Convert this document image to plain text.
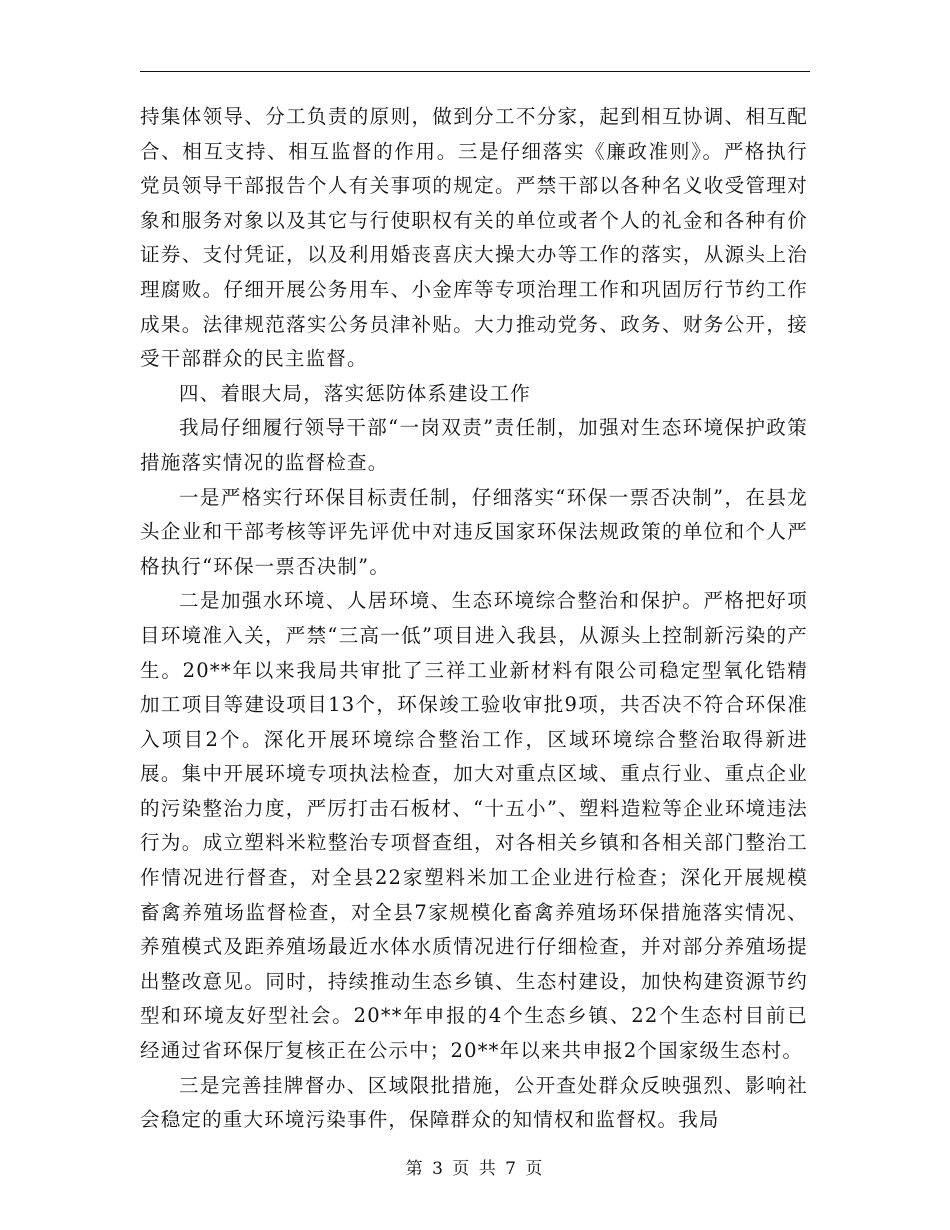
持集体领导、分工负责的原则，做到分工不分家，起到相互协调、相互配合、相互支持、相互监督的作用。三是仔细落实《廉政准则》。严格执行党员领导干部报告个人有关事项的规定。严禁干部以各种名义收受管理对象和服务对象以及其它与行使职权有关的单位或者个人的礼金和各种有价证券、支付凭证，以及利用婚丧喜庆大操大办等工作的落实，从源头上治理腐败。仔细开展公务用车、小金库等专项治理工作和巩固厉行节约工作成果。法律规范落实公务员津补贴。大力推动党务、政务、财务公开，接受干部群众的民主监督。

四、着眼大局，落实惩防体系建设工作

我局仔细履行领导干部“一岗双责”责任制，加强对生态环境保护政策措施落实情况的监督检查。

一是严格实行环保目标责任制，仔细落实“环保一票否决制”，在县龙头企业和干部考核等评先评优中对违反国家环保法规政策的单位和个人严格执行“环保一票否决制”。

二是加强水环境、人居环境、生态环境综合整治和保护。严格把好项目环境准入关，严禁“三高一低”项目进入我县，从源头上控制新污染的产生。20**年以来我局共审批了三祥工业新材料有限公司稳定型氧化锆精加工项目等建设项目13个，环保竣工验收审批9项，共否决不符合环保准入项目2个。深化开展环境综合整治工作，区域环境综合整治取得新进展。集中开展环境专项执法检查，加大对重点区域、重点行业、重点企业的污染整治力度，严厉打击石板材、“十五小”、塑料造粒等企业环境违法行为。成立塑料米粒整治专项督查组，对各相关乡镇和各相关部门整治工作情况进行督查，对全县22家塑料米加工企业进行检查；深化开展规模畜禽养殖场监督检查，对全县7家规模化畜禽养殖场环保措施落实情况、养殖模式及距养殖场最近水体水质情况进行仔细检查，并对部分养殖场提出整改意见。同时，持续推动生态乡镇、生态村建设，加快构建资源节约型和环境友好型社会。20**年申报的4个生态乡镇、22个生态村目前已经通过省环保厅复核正在公示中；20**年以来共申报2个国家级生态村。

三是完善挂牌督办、区域限批措施，公开查处群众反映强烈、影响社会稳定的重大环境污染事件，保障群众的知情权和监督权。我局

第 3 页 共 7 页
